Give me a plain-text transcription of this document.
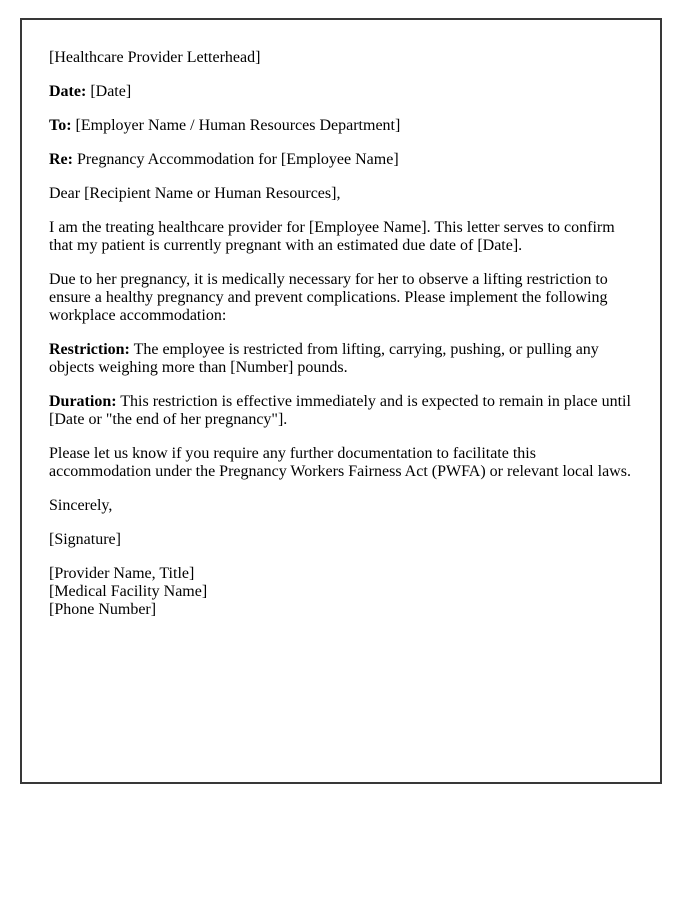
[Healthcare Provider Letterhead]

Date: [Date]

To: [Employer Name / Human Resources Department]

Re: Pregnancy Accommodation for [Employee Name]

Dear [Recipient Name or Human Resources],

I am the treating healthcare provider for [Employee Name]. This letter serves to confirm that my patient is currently pregnant with an estimated due date of [Date].

Due to her pregnancy, it is medically necessary for her to observe a lifting restriction to ensure a healthy pregnancy and prevent complications. Please implement the following workplace accommodation:

Restriction: The employee is restricted from lifting, carrying, pushing, or pulling any objects weighing more than [Number] pounds.

Duration: This restriction is effective immediately and is expected to remain in place until [Date or "the end of her pregnancy"].

Please let us know if you require any further documentation to facilitate this accommodation under the Pregnancy Workers Fairness Act (PWFA) or relevant local laws.

Sincerely,

[Signature]

[Provider Name, Title]
[Medical Facility Name]
[Phone Number]
